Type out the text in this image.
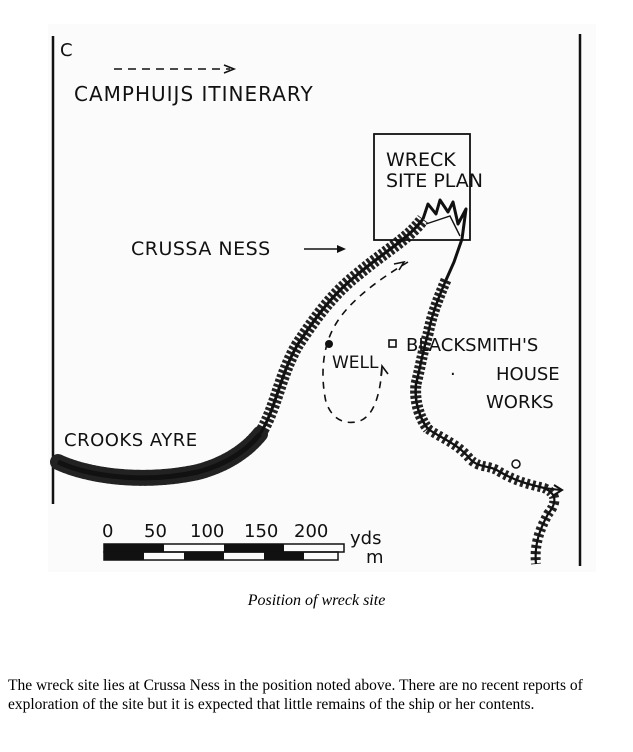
C
CAMPHUIJS ITINERARY
WRECK
SITE PLAN
CRUSSA NESS
WELL
BLACKSMITH'S
· HOUSE
WORKS
CROOKS AYRE
0 50 100 150 200 yds
m
Position of wreck site

The wreck site lies at Crussa Ness in the position noted above. There are no recent reports of exploration of the site but it is expected that little remains of the ship or her contents.
